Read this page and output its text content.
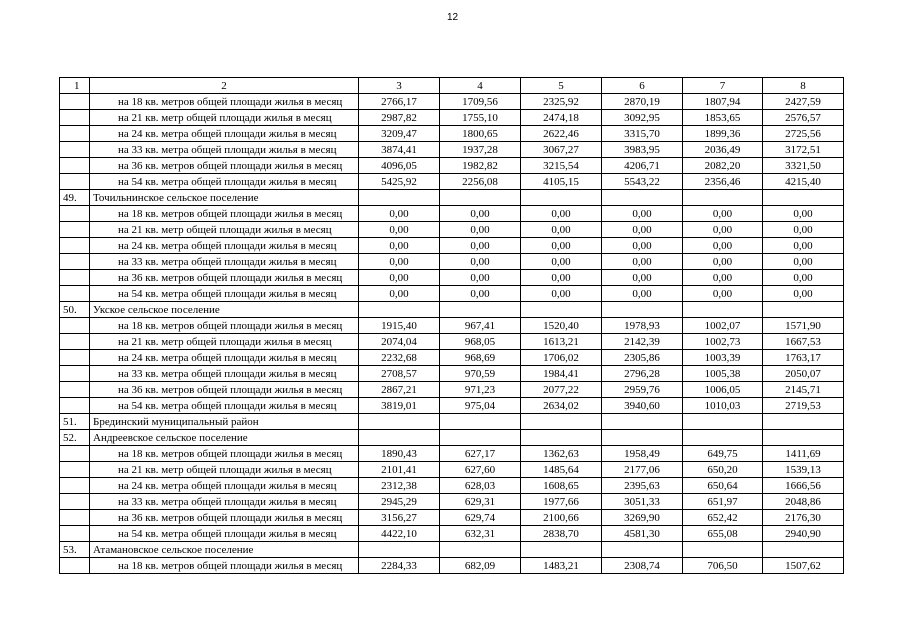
12
1	2	3	4	5	6	7	8
	на 18 кв. метров общей площади жилья в месяц	2766,17	1709,56	2325,92	2870,19	1807,94	2427,59
	на 21 кв. метр общей площади жилья в месяц	2987,82	1755,10	2474,18	3092,95	1853,65	2576,57
	на 24 кв. метра общей площади жилья в месяц	3209,47	1800,65	2622,46	3315,70	1899,36	2725,56
	на 33 кв. метра общей площади жилья в месяц	3874,41	1937,28	3067,27	3983,95	2036,49	3172,51
	на 36 кв. метров общей площади жилья в месяц	4096,05	1982,82	3215,54	4206,71	2082,20	3321,50
	на 54 кв. метра общей площади жилья в месяц	5425,92	2256,08	4105,15	5543,22	2356,46	4215,40
49.	Точильнинское сельское поселение						
	на 18 кв. метров общей площади жилья в месяц	0,00	0,00	0,00	0,00	0,00	0,00
	на 21 кв. метр общей площади жилья в месяц	0,00	0,00	0,00	0,00	0,00	0,00
	на 24 кв. метра общей площади жилья в месяц	0,00	0,00	0,00	0,00	0,00	0,00
	на 33 кв. метра общей площади жилья в месяц	0,00	0,00	0,00	0,00	0,00	0,00
	на 36 кв. метров общей площади жилья в месяц	0,00	0,00	0,00	0,00	0,00	0,00
	на 54 кв. метра общей площади жилья в месяц	0,00	0,00	0,00	0,00	0,00	0,00
50.	Укское сельское поселение						
	на 18 кв. метров общей площади жилья в месяц	1915,40	967,41	1520,40	1978,93	1002,07	1571,90
	на 21 кв. метр общей площади жилья в месяц	2074,04	968,05	1613,21	2142,39	1002,73	1667,53
	на 24 кв. метра общей площади жилья в месяц	2232,68	968,69	1706,02	2305,86	1003,39	1763,17
	на 33 кв. метра общей площади жилья в месяц	2708,57	970,59	1984,41	2796,28	1005,38	2050,07
	на 36 кв. метров общей площади жилья в месяц	2867,21	971,23	2077,22	2959,76	1006,05	2145,71
	на 54 кв. метра общей площади жилья в месяц	3819,01	975,04	2634,02	3940,60	1010,03	2719,53
51.	Брединский муниципальный район						
52.	Андреевское сельское поселение						
	на 18 кв. метров общей площади жилья в месяц	1890,43	627,17	1362,63	1958,49	649,75	1411,69
	на 21 кв. метр общей площади жилья в месяц	2101,41	627,60	1485,64	2177,06	650,20	1539,13
	на 24 кв. метра общей площади жилья в месяц	2312,38	628,03	1608,65	2395,63	650,64	1666,56
	на 33 кв. метра общей площади жилья в месяц	2945,29	629,31	1977,66	3051,33	651,97	2048,86
	на 36 кв. метров общей площади жилья в месяц	3156,27	629,74	2100,66	3269,90	652,42	2176,30
	на 54 кв. метра общей площади жилья в месяц	4422,10	632,31	2838,70	4581,30	655,08	2940,90
53.	Атамановское сельское поселение						
	на 18 кв. метров общей площади жилья в месяц	2284,33	682,09	1483,21	2308,74	706,50	1507,62
